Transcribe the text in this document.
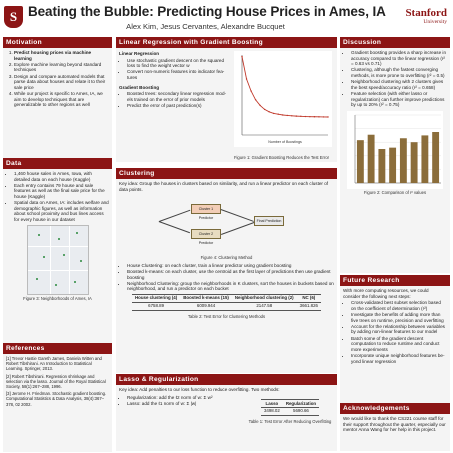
S Beating the Bubble: Predicting House Prices in Ames, IA
Alex Kim, Jesus Cervantes, Alexandre Bucquet
Stanford
University
Motivation
1. Predict housing prices via machine learning
2. Explore machine learning beyond standard techniques
3. Design and compare automated models that parse data about houses and relate it to their sale price
4. While our project is specific to Ames, IA, we aim to develop techniques that are generalizable to other regions as well
Data
• 1,460 house sales in Ames, Iowa, with detailed data on each house (Kaggle)
• Each entry contains 79 house and sale features as well as the final sale price for the house (Kaggle)
• Spatial data on Ames, IA: includes welfare and demographic figures, as well as information about school proximity and bus lines access for every house in our dataset
Figure 3: Neighborhoods of Ames, IA
References
[1] Trevor Hastie Gareth James, Daniela Witten and Robert Tibshirani. An Introduction to Statistical Learning. Springer, 2013.
[2] Robert Tibshirani. Regression shrinkage and selection via the lasso. Journal of the Royal Statistical Society, 58(1):267–288, 1996.
[3] Jerome H. Friedman. Stochastic gradient boosting. Computational Statistics & Data Analysis, 38(4):367–378, 02 2002.
Linear Regression with Gradient Boosting
Linear Regression
• Use stochastic gradient descent on the squared loss to find the weight vector w
• Convert non-numeric features into indicator features
Gradient Boosting
• Boosted trees: secondary linear regression models trained on the error of prior models
• Predict the error of past prediction(s)
Number of Boostings
Figure 1: Gradient Boosting Reduces the Test Error
Clustering
Key idea: Group the houses in clusters based on similarity, and run a linear predictor on each cluster of data points.
Cluster 1 Predictor
Cluster 2 Predictor
Final Prediction
Figure 4: Clustering Method
• House Clustering: on each cluster, train a linear predictor using gradient boosting
• Boosted k-means: on each cluster, use the centroid as the first layer of predictions then use gradient boosting
• Neighborhood Clustering: group the neighborhoods in K clusters, sort the houses in buckets based on neighborhood, and run a predictor on each bucket
House clustering (4)	Boosted k-means (15)	Neighborhood clustering (2)	NC (6)
6758.89	6009.944	2147.58	3661.826
Table 2: Test Error for Clustering Methods
Lasso & Regularization
Key idea: Add penalties to our loss function to reduce overfitting. Two methods:
• Regularization: add the ℓ2 norm of w: Σ w²
• Lasso: add the ℓ1 norm of w: Σ |w|	Lasso	Regularization
3498.02	5690.66
Table 1: Test Error After Reducing Overfitting
Discussion
• Gradient boosting provides a sharp increase in accuracy compared to the linear regression (r² = 0.63 vs 0.71)
• Clustering, although the fastest converging methods, is more prone to overfitting (r² = 0.5)
• Neighborhood clustering with 2 clusters gives the best speed/accuracy ratio (r² = 0.658)
• Feature selection (with either lasso or regularization) can further improve predictions by up to 20% (r² = 0.75)
Figure 2: Comparison of r² values
Future Research
With more computing resources, we could consider the following next steps:
• Cross-validated best subset selection based on the coefficient of determination (r²)
• Investigate the benefits of adding more than five trees on runtime, precision and overfitting
• Account for the relationship between variables by adding non-linear features to our model
• Batch some of the gradient descent computation to reduce runtime and conduct more experiments
• Incorporate unique neighborhood features beyond linear regression
Acknowledgements
We would like to thank the CS221 course staff for their support throughout the quarter, especially our mentor Anna Wang for her help in this project.
